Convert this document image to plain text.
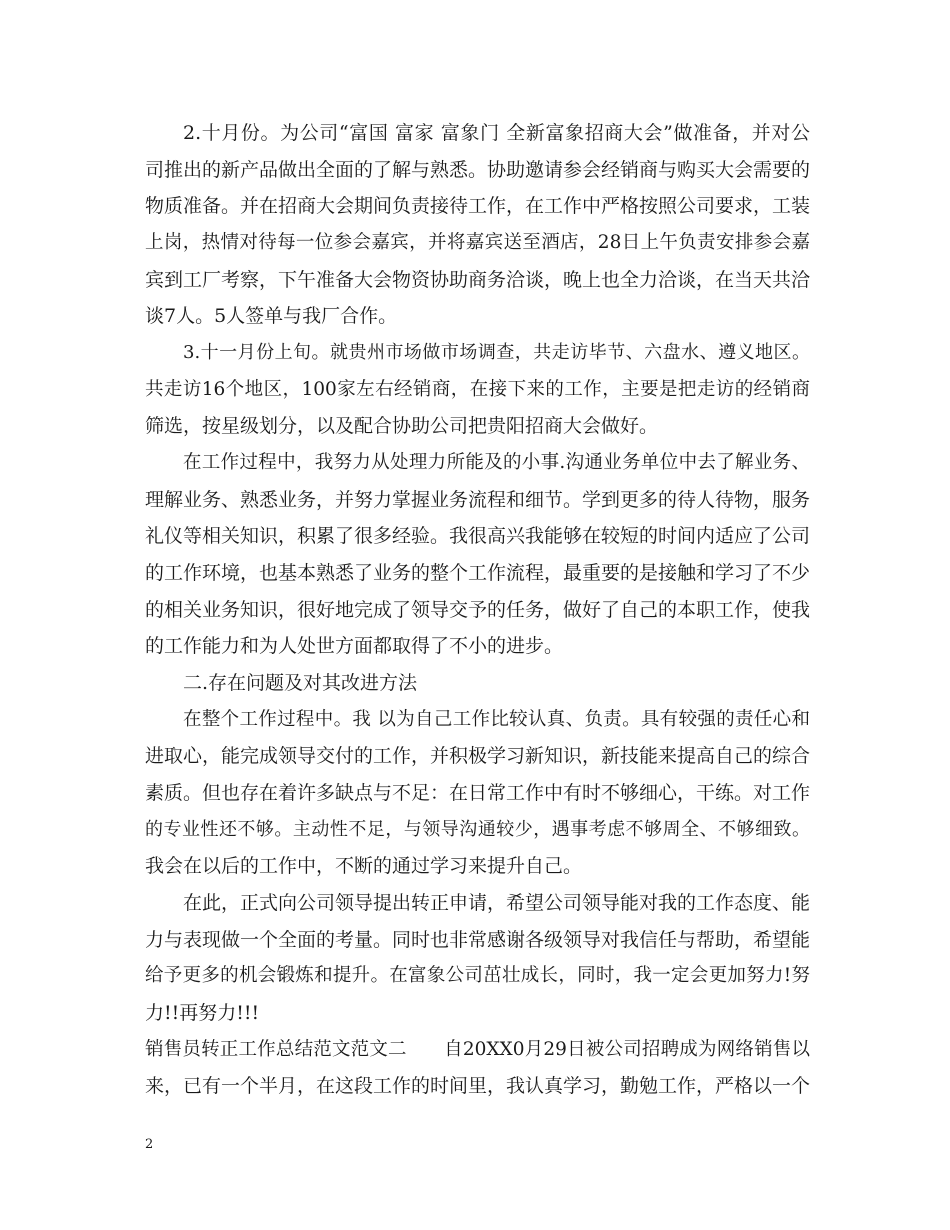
2.十月份。为公司“富国 富家 富象门 全新富象招商大会”做准备，并对公
司推出的新产品做出全面的了解与熟悉。协助邀请参会经销商与购买大会需要的
物质准备。并在招商大会期间负责接待工作，在工作中严格按照公司要求，工装
上岗，热情对待每一位参会嘉宾，并将嘉宾送至酒店，28日上午负责安排参会嘉
宾到工厂考察，下午准备大会物资协助商务洽谈，晚上也全力洽谈，在当天共洽
谈7人。5人签单与我厂合作。
3.十一月份上旬。就贵州市场做市场调查，共走访毕节、六盘水、遵义地区。
共走访16个地区，100家左右经销商，在接下来的工作，主要是把走访的经销商
筛选，按星级划分，以及配合协助公司把贵阳招商大会做好。
在工作过程中，我努力从处理力所能及的小事.沟通业务单位中去了解业务、
理解业务、熟悉业务，并努力掌握业务流程和细节。学到更多的待人待物，服务
礼仪等相关知识，积累了很多经验。我很高兴我能够在较短的时间内适应了公司
的工作环境，也基本熟悉了业务的整个工作流程，最重要的是接触和学习了不少
的相关业务知识，很好地完成了领导交予的任务，做好了自己的本职工作，使我
的工作能力和为人处世方面都取得了不小的进步。
二.存在问题及对其改进方法
在整个工作过程中。我 以为自己工作比较认真、负责。具有较强的责任心和
进取心，能完成领导交付的工作，并积极学习新知识，新技能来提高自己的综合
素质。但也存在着许多缺点与不足：在日常工作中有时不够细心，干练。对工作
的专业性还不够。主动性不足，与领导沟通较少，遇事考虑不够周全、不够细致。
我会在以后的工作中，不断的通过学习来提升自己。
在此，正式向公司领导提出转正申请，希望公司领导能对我的工作态度、能
力与表现做一个全面的考量。同时也非常感谢各级领导对我信任与帮助，希望能
给予更多的机会锻炼和提升。在富象公司茁壮成长，同时，我一定会更加努力!努
力!!再努力!!!
销售员转正工作总结范文范文二　　自20XX0月29日被公司招聘成为网络销售以
来，已有一个半月，在这段工作的时间里，我认真学习，勤勉工作，严格以一个
2
